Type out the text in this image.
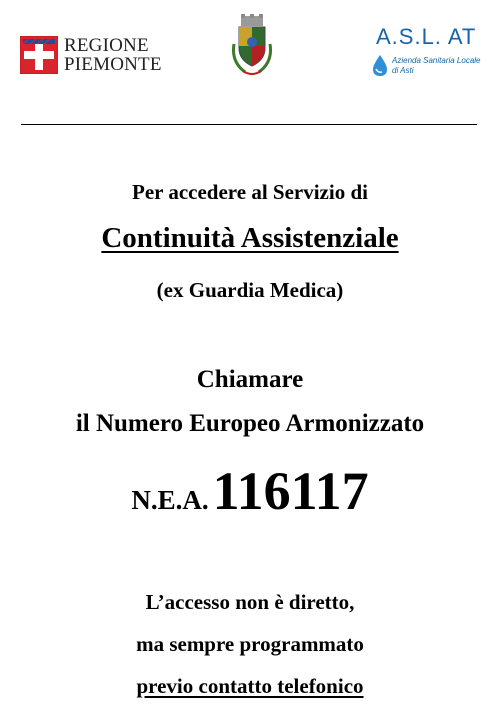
REGIONE
PIEMONTE
A.S.L. AT
Azienda Sanitaria Locale
di Asti
Per accedere al Servizio di
Continuità Assistenziale
(ex Guardia Medica)
Chiamare
il Numero Europeo Armonizzato
N.E.A.116117
L’accesso non è diretto,
ma sempre programmato
previo contatto telefonico
